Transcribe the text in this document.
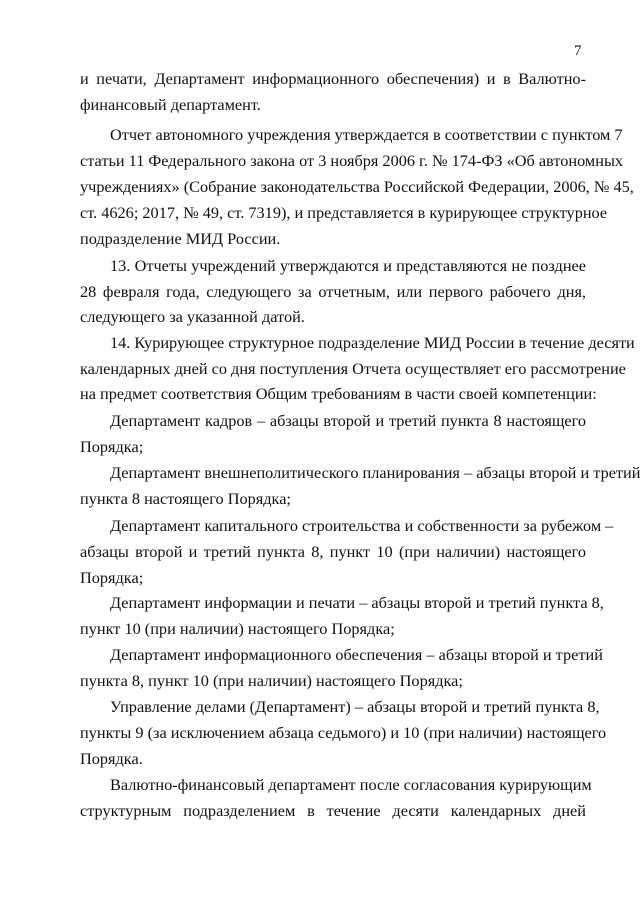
7
и печати, Департамент информационного обеспечения) и в Валютно-
финансовый департамент.
Отчет автономного учреждения утверждается в соответствии с пунктом 7
статьи 11 Федерального закона от 3 ноября 2006 г. № 174-ФЗ «Об автономных
учреждениях» (Собрание законодательства Российской Федерации, 2006, № 45,
ст. 4626; 2017, № 49, ст. 7319), и представляется в курирующее структурное
подразделение МИД России.
13. Отчеты учреждений утверждаются и представляются не позднее
28 февраля года, следующего за отчетным, или первого рабочего дня,
следующего за указанной датой.
14. Курирующее структурное подразделение МИД России в течение десяти
календарных дней со дня поступления Отчета осуществляет его рассмотрение
на предмет соответствия Общим требованиям в части своей компетенции:
Департамент кадров – абзацы второй и третий пункта 8 настоящего
Порядка;
Департамент внешнеполитического планирования – абзацы второй и третий
пункта 8 настоящего Порядка;
Департамент капитального строительства и собственности за рубежом –
абзацы второй и третий пункта 8, пункт 10 (при наличии) настоящего
Порядка;
Департамент информации и печати – абзацы второй и третий пункта 8,
пункт 10 (при наличии) настоящего Порядка;
Департамент информационного обеспечения – абзацы второй и третий
пункта 8, пункт 10 (при наличии) настоящего Порядка;
Управление делами (Департамент) – абзацы второй и третий пункта 8,
пункты 9 (за исключением абзаца седьмого) и 10 (при наличии) настоящего
Порядка.
Валютно-финансовый департамент после согласования курирующим
структурным подразделением в течение десяти календарных дней
